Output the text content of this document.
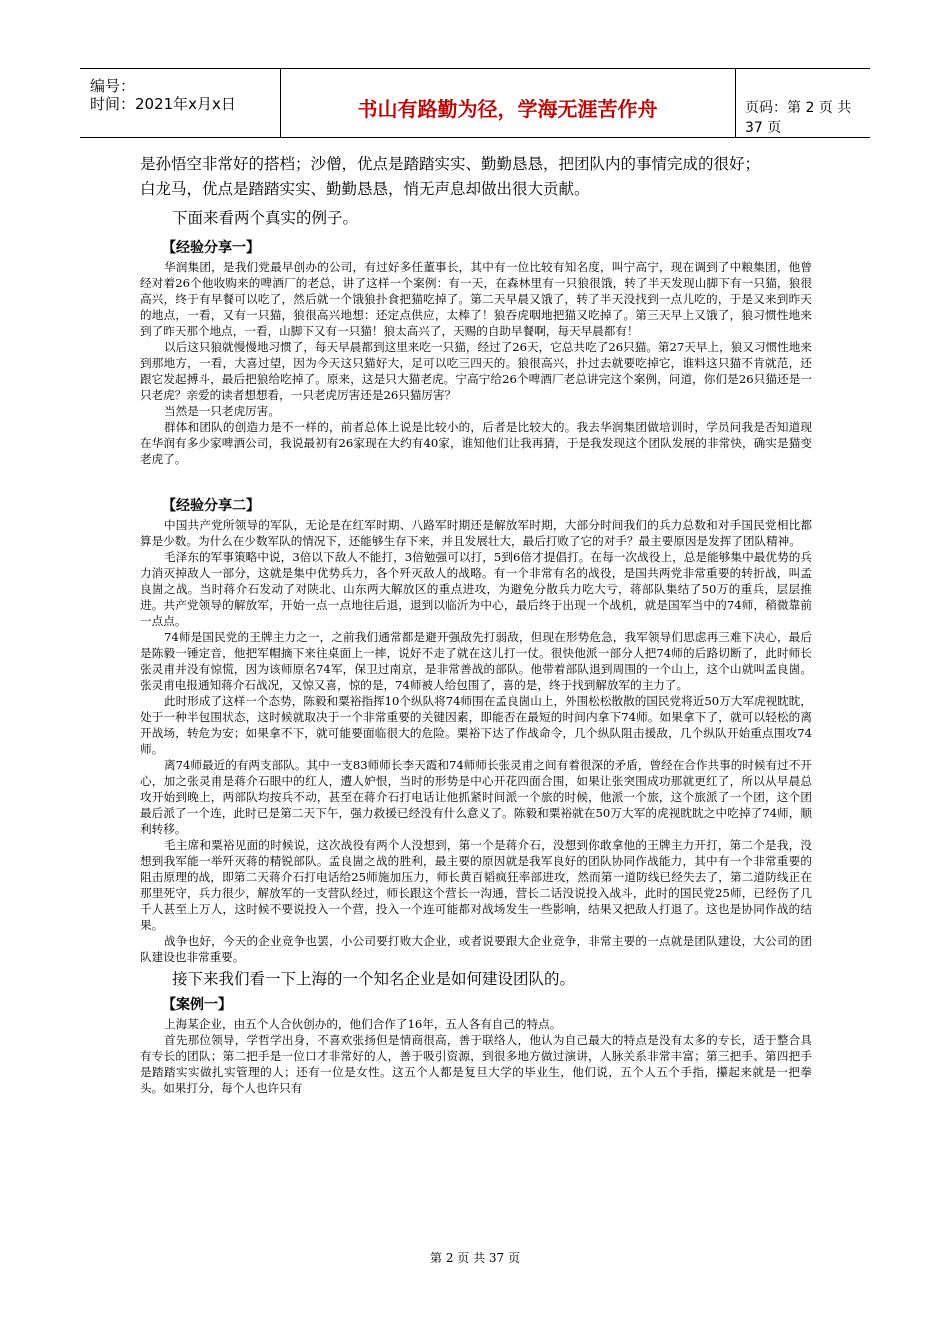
编号：
时间：2021年x月x日	书山有路勤为径，学海无涯苦作舟	页码：第 2 页 共 37 页

是孙悟空非常好的搭档；沙僧，优点是踏踏实实、勤勤恳恳，把团队内的事情完成的很好；

白龙马，优点是踏踏实实、勤勤恳恳，悄无声息却做出很大贡献。

下面来看两个真实的例子。

【经验分享一】

华润集团，是我们党最早创办的公司，有过好多任董事长，其中有一位比较有知名度，叫宁高宁，现在调到了中粮集团，他曾经对着26个他收购来的啤酒厂的老总，讲了这样一个案例：有一天，在森林里有一只狼很饿，转了半天发现山脚下有一只猫，狼很高兴，终于有早餐可以吃了，然后就一个饿狼扑食把猫吃掉了。第二天早晨又饿了，转了半天没找到一点儿吃的，于是又来到昨天的地点，一看，又有一只猫，狼很高兴地想：还定点供应，太棒了！狼吞虎咽地把猫又吃掉了。第三天早上又饿了，狼习惯性地来到了昨天那个地点，一看，山脚下又有一只猫！狼太高兴了，天赐的自助早餐啊，每天早晨都有！

以后这只狼就慢慢地习惯了，每天早晨都到这里来吃一只猫，经过了26天，它总共吃了26只猫。第27天早上，狼又习惯性地来到那地方，一看，大喜过望，因为今天这只猫好大，足可以吃三四天的。狼很高兴，扑过去就要吃掉它，谁料这只猫不肯就范，还跟它发起搏斗，最后把狼给吃掉了。原来，这是只大猫老虎。宁高宁给26个啤酒厂老总讲完这个案例，问道，你们是26只猫还是一只老虎？亲爱的读者想想看，一只老虎厉害还是26只猫厉害？

当然是一只老虎厉害。

群体和团队的创造力是不一样的，前者总体上说是比较小的，后者是比较大的。我去华润集团做培训时，学员问我是否知道现在华润有多少家啤酒公司，我说最初有26家现在大约有40家，谁知他们让我再猜，于是我发现这个团队发展的非常快，确实是猫变老虎了。

【经验分享二】

中国共产党所领导的军队，无论是在红军时期、八路军时期还是解放军时期，大部分时间我们的兵力总数和对手国民党相比都算是少数。为什么在少数军队的情况下，还能够生存下来，并且发展壮大，最后打败了它的对手？最主要原因是发挥了团队精神。

毛泽东的军事策略中说，3倍以下敌人不能打，3倍勉强可以打，5到6倍才提倡打。在每一次战役上，总是能够集中最优势的兵力消灭掉敌人一部分，这就是集中优势兵力，各个歼灭敌人的战略。有一个非常有名的战役，是国共两党非常重要的转折战，叫孟良崮之战。当时蒋介石发动了对陕北、山东两大解放区的重点进攻，为避免分散兵力吃大亏，蒋部队集结了50万的重兵，层层推进。共产党领导的解放军，开始一点一点地往后退，退到以临沂为中心，最后终于出现一个战机，就是国军当中的74师，稍微靠前一点点。

74师是国民党的王牌主力之一，之前我们通常都是避开强敌先打弱敌，但现在形势危急，我军领导们思虑再三难下决心，最后是陈毅一锤定音，他把军帽摘下来往桌面上一摔，说好不走了就在这儿打一仗。很快他派一部分人把74师的后路切断了，此时师长张灵甫并没有惊慌，因为该师原名74军，保卫过南京，是非常善战的部队。他带着部队退到周围的一个山上，这个山就叫孟良崮。张灵甫电报通知蒋介石战况，又惊又喜，惊的是，74师被人给包围了，喜的是，终于找到解放军的主力了。

此时形成了这样一个态势，陈毅和粟裕指挥10个纵队将74师围在孟良崮山上，外围松松散散的国民党将近50万大军虎视眈眈，处于一种半包围状态，这时候就取决于一个非常重要的关键因素，即能否在最短的时间内拿下74师。如果拿下了，就可以轻松的离开战场，转危为安；如果拿不下，就可能要面临很大的危险。粟裕下达了作战命令，几个纵队阻击援敌，几个纵队开始重点围攻74师。

离74师最近的有两支部队。其中一支83师师长李天霞和74师师长张灵甫之间有着很深的矛盾，曾经在合作共事的时候有过不开心，加之张灵甫是蒋介石眼中的红人，遭人妒恨，当时的形势是中心开花四面合围，如果让张突围成功那就更红了，所以从早晨总攻开始到晚上，两部队均按兵不动，甚至在蒋介石打电话让他抓紧时间派一个旅的时候，他派一个旅，这个旅派了一个团，这个团最后派了一个连，此时已是第二天下午，强力救援已经没有什么意义了。陈毅和粟裕就在50万大军的虎视眈眈之中吃掉了74师，顺利转移。

毛主席和粟裕见面的时候说，这次战役有两个人没想到，第一个是蒋介石，没想到你敢拿他的王牌主力开打，第二个是我，没想到我军能一举歼灭蒋的精锐部队。孟良崮之战的胜利，最主要的原因就是我军良好的团队协同作战能力，其中有一个非常重要的阻击原理的战，即第二天蒋介石打电话给25师施加压力，师长黄百韬疯狂率部进攻，然而第一道防线已经失去了，第二道防线正在那里死守，兵力很少，解放军的一支营队经过，师长跟这个营长一沟通，营长二话没说投入战斗，此时的国民党25师，已经伤了几千人甚至上万人，这时候不要说投入一个营，投入一个连可能都对战场发生一些影响，结果又把敌人打退了。这也是协同作战的结果。

战争也好，今天的企业竞争也罢，小公司要打败大企业，或者说要跟大企业竞争，非常主要的一点就是团队建设，大公司的团队建设也非常重要。

接下来我们看一下上海的一个知名企业是如何建设团队的。

【案例一】

上海某企业，由五个人合伙创办的，他们合作了16年，五人各有自己的特点。

首先那位领导，学哲学出身，不喜欢张扬但是情商很高，善于联络人，他认为自己最大的特点是没有太多的专长，适于整合具有专长的团队；第二把手是一位口才非常好的人，善于吸引资源，到很多地方做过演讲，人脉关系非常丰富；第三把手、第四把手是踏踏实实做扎实管理的人；还有一位是女性。这五个人都是复旦大学的毕业生，他们说，五个人五个手指，攥起来就是一把拳头。如果打分，每个人也许只有

第 2 页 共 37 页
